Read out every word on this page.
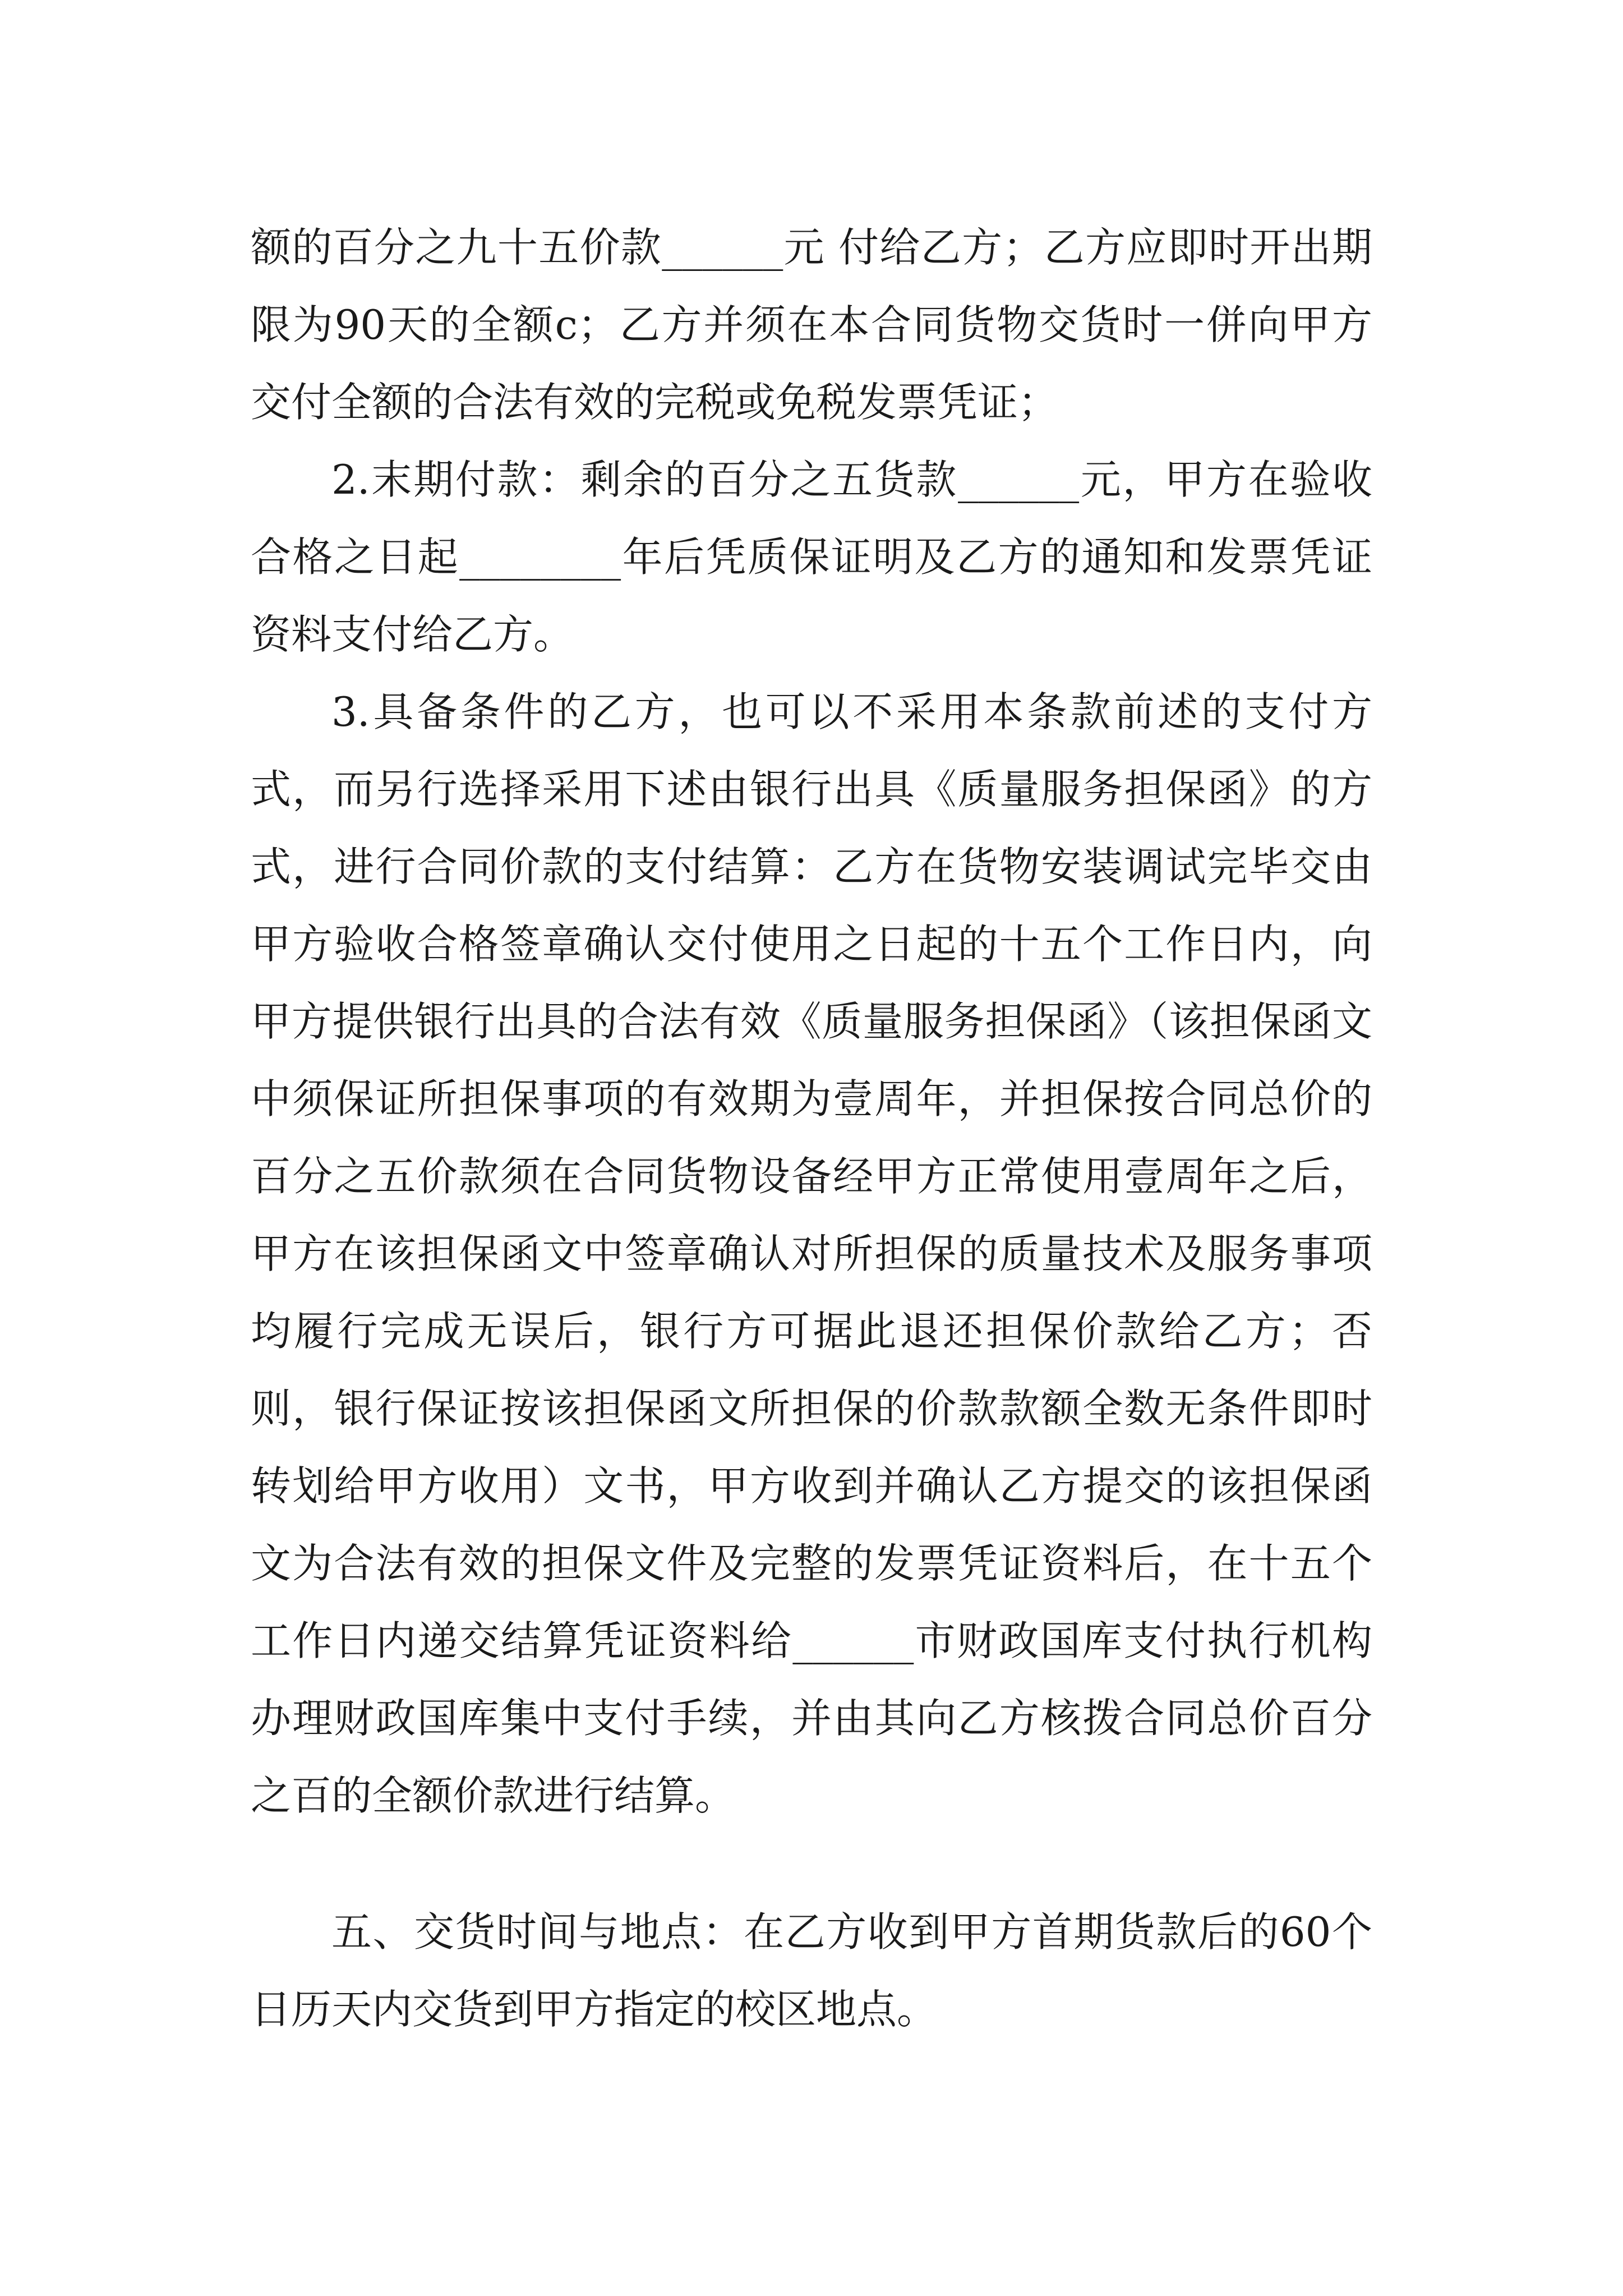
额的百分之九十五价款______元 付给乙方；乙方应即时开出期限为90天的全额c；乙方并须在本合同货物交货时一併向甲方交付全额的合法有效的完税或免税发票凭证；

2.末期付款：剩余的百分之五货款______元，甲方在验收合格之日起________年后凭质保证明及乙方的通知和发票凭证资料支付给乙方。

3.具备条件的乙方，也可以不采用本条款前述的支付方式，而另行选择采用下述由银行出具《质量服务担保函》的方式，进行合同价款的支付结算：乙方在货物安装调试完毕交由甲方验收合格签章确认交付使用之日起的十五个工作日内，向甲方提供银行出具的合法有效《质量服务担保函》（该担保函文中须保证所担保事项的有效期为壹周年，并担保按合同总价的百分之五价款须在合同货物设备经甲方正常使用壹周年之后，甲方在该担保函文中签章确认对所担保的质量技术及服务事项均履行完成无误后，银行方可据此退还担保价款给乙方；否则，银行保证按该担保函文所担保的价款款额全数无条件即时转划给甲方收用）文书，甲方收到并确认乙方提交的该担保函文为合法有效的担保文件及完整的发票凭证资料后，在十五个工作日内递交结算凭证资料给______市财政国库支付执行机构办理财政国库集中支付手续，并由其向乙方核拨合同总价百分之百的全额价款进行结算。

五、交货时间与地点：在乙方收到甲方首期货款后的60个日历天内交货到甲方指定的校区地点。
